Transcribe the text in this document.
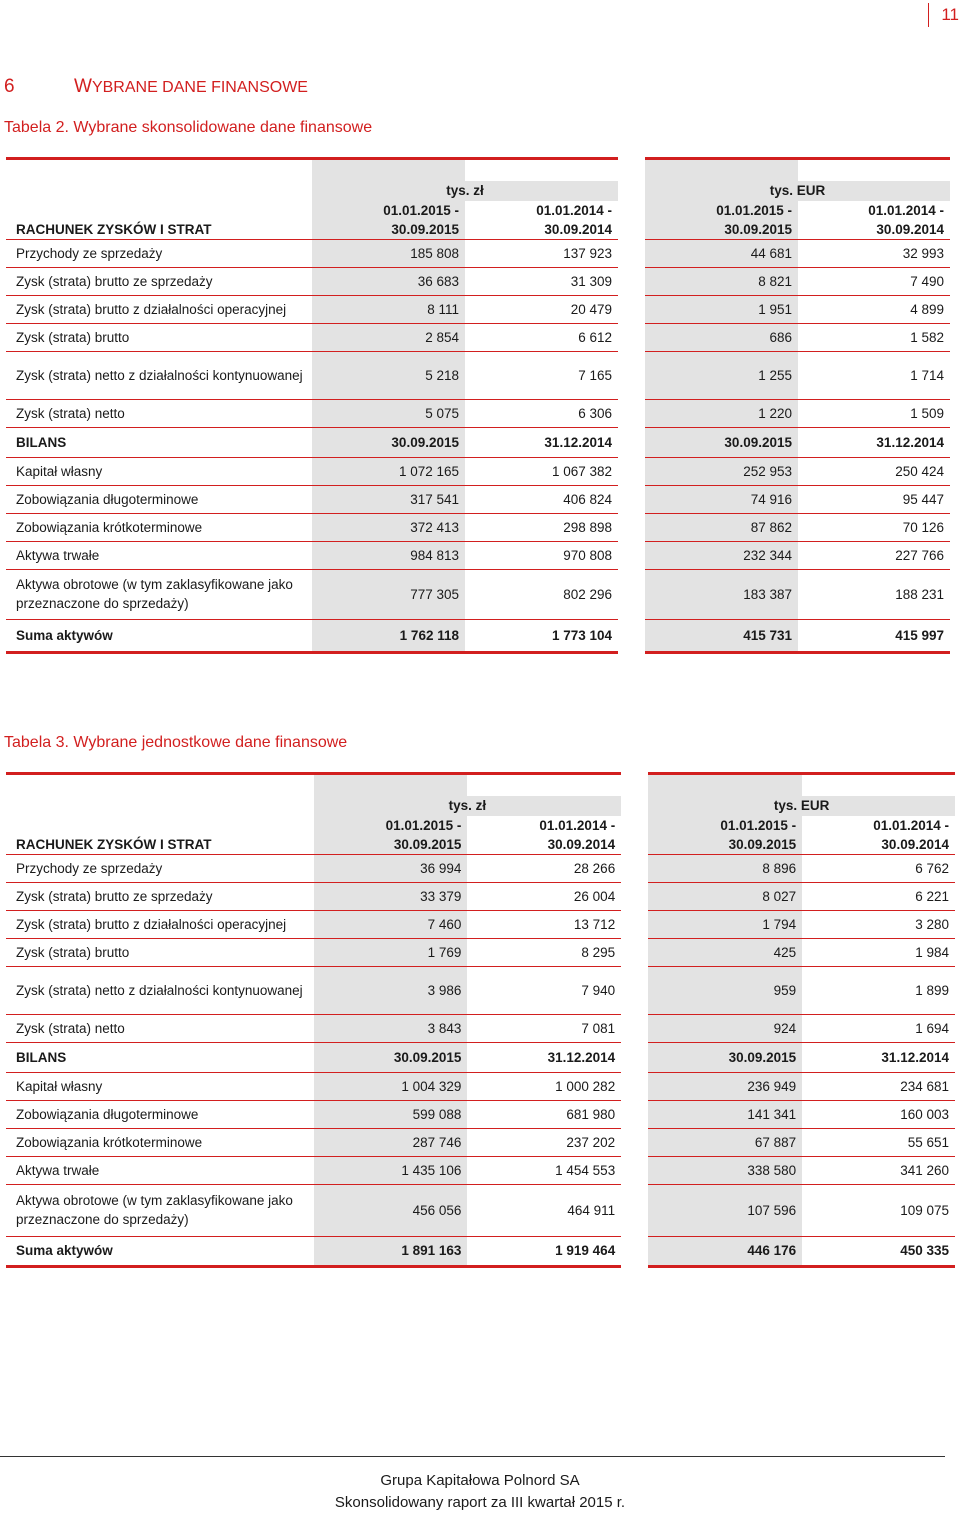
11
6	WYBRANE DANE FINANSOWE
Tabela 2. Wybrane skonsolidowane dane finansowe

	tys. zł			tys. EUR	
RACHUNEK ZYSKÓW I STRAT	01.01.2015 -
30.09.2015	01.01.2014 -
30.09.2014		01.01.2015 -
30.09.2015	01.01.2014 -
30.09.2014
Przychody ze sprzedaży	185 808	137 923		44 681	32 993
Zysk (strata) brutto ze sprzedaży	36 683	31 309		8 821	7 490
Zysk (strata) brutto z działalności operacyjnej	8 111	20 479		1 951	4 899
Zysk (strata) brutto	2 854	6 612		686	1 582
Zysk (strata) netto z działalności kontynuowanej	5 218	7 165		1 255	1 714
Zysk (strata) netto	5 075	6 306		1 220	1 509
BILANS	30.09.2015	31.12.2014		30.09.2015	31.12.2014
Kapitał własny	1 072 165	1 067 382		252 953	250 424
Zobowiązania długoterminowe	317 541	406 824		74 916	95 447
Zobowiązania krótkoterminowe	372 413	298 898		87 862	70 126
Aktywa trwałe	984 813	970 808		232 344	227 766
Aktywa obrotowe (w tym zaklasyfikowane jako przeznaczone do sprzedaży)	777 305	802 296		183 387	188 231
Suma aktywów	1 762 118	1 773 104		415 731	415 997
Tabela 3. Wybrane jednostkowe dane finansowe

	tys. zł			tys. EUR	
RACHUNEK ZYSKÓW I STRAT	01.01.2015 -
30.09.2015	01.01.2014 -
30.09.2014		01.01.2015 -
30.09.2015	01.01.2014 -
30.09.2014
Przychody ze sprzedaży	36 994	28 266		8 896	6 762
Zysk (strata) brutto ze sprzedaży	33 379	26 004		8 027	6 221
Zysk (strata) brutto z działalności operacyjnej	7 460	13 712		1 794	3 280
Zysk (strata) brutto	1 769	8 295		425	1 984
Zysk (strata) netto z działalności kontynuowanej	3 986	7 940		959	1 899
Zysk (strata) netto	3 843	7 081		924	1 694
BILANS	30.09.2015	31.12.2014		30.09.2015	31.12.2014
Kapitał własny	1 004 329	1 000 282		236 949	234 681
Zobowiązania długoterminowe	599 088	681 980		141 341	160 003
Zobowiązania krótkoterminowe	287 746	237 202		67 887	55 651
Aktywa trwałe	1 435 106	1 454 553		338 580	341 260
Aktywa obrotowe (w tym zaklasyfikowane jako przeznaczone do sprzedaży)	456 056	464 911		107 596	109 075
Suma aktywów	1 891 163	1 919 464		446 176	450 335
Grupa Kapitałowa Polnord SA
Skonsolidowany raport za III kwartał 2015 r.
